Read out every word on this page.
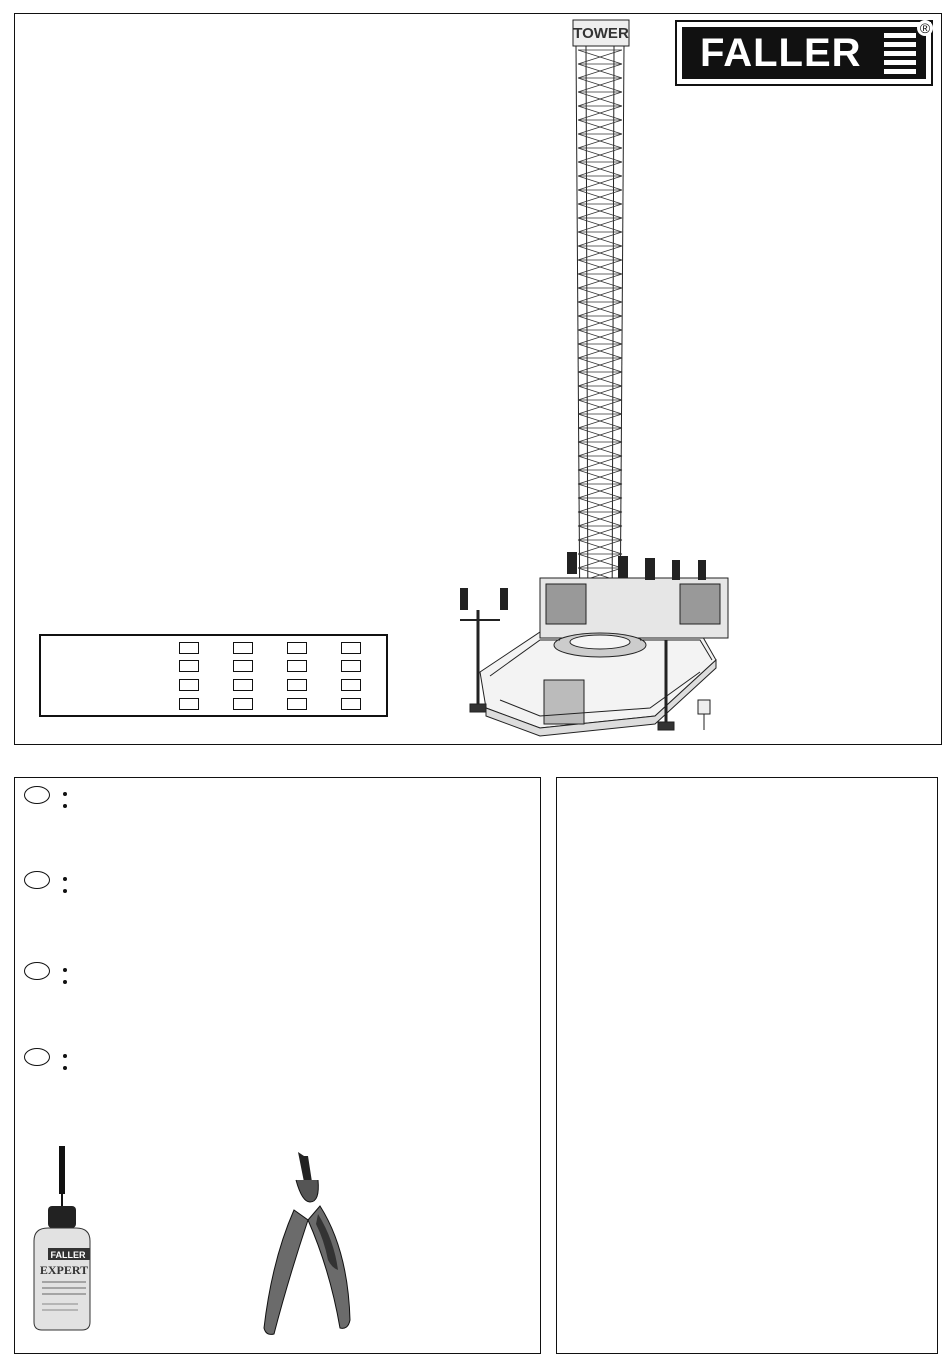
FALLER
®
TOWER
FALLER
EXPERT
